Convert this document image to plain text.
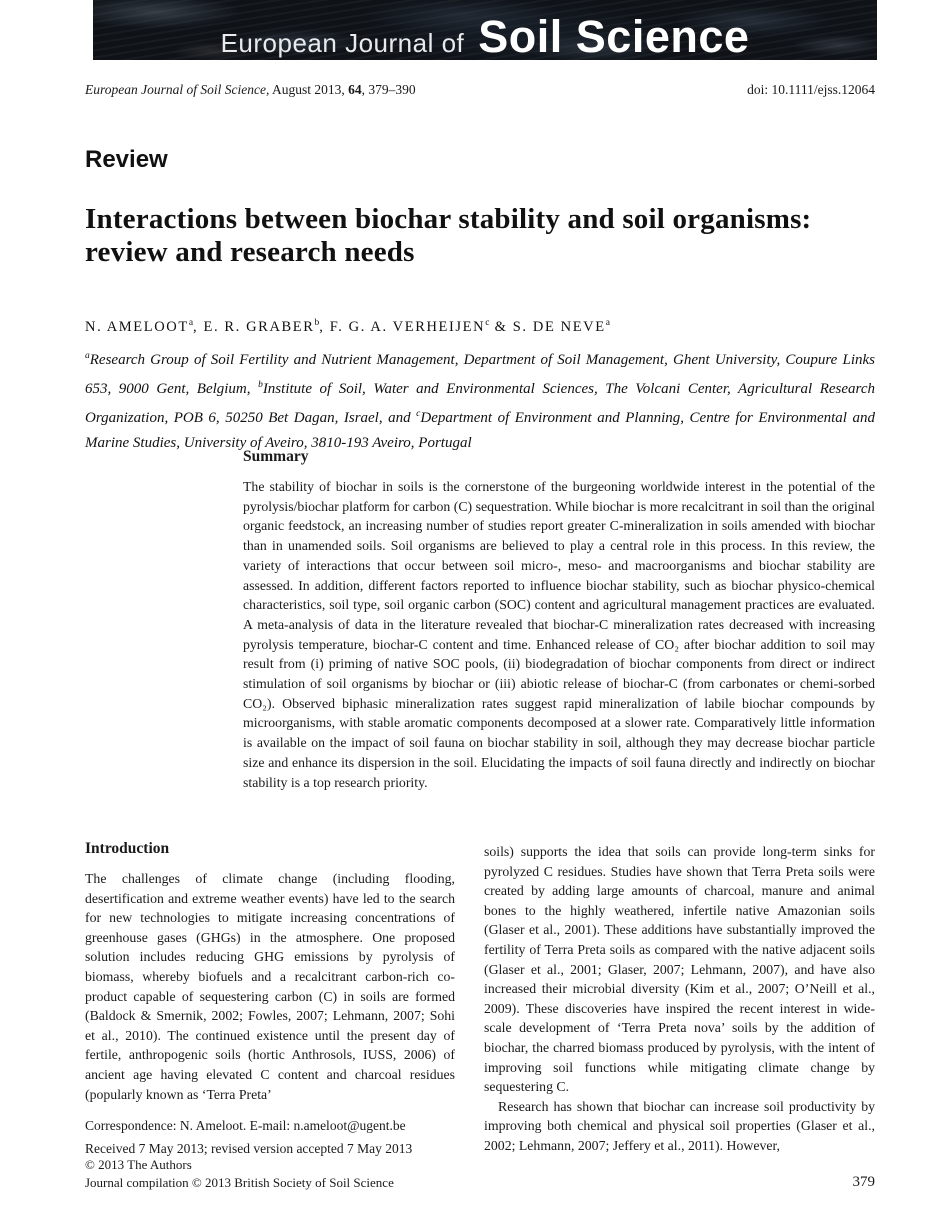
European Journal of Soil Science
European Journal of Soil Science, August 2013, 64, 379–390	doi: 10.1111/ejss.12064
Review
Interactions between biochar stability and soil organisms: review and research needs
N. AMELOOT$^a$, E. R. GRABER$^b$, F. G. A. VERHEIJEN$^c$ & S. DE NEVE$^a$
$^a$Research Group of Soil Fertility and Nutrient Management, Department of Soil Management, Ghent University, Coupure Links 653, 9000 Gent, Belgium, $^b$Institute of Soil, Water and Environmental Sciences, The Volcani Center, Agricultural Research Organization, POB 6, 50250 Bet Dagan, Israel, and $^c$Department of Environment and Planning, Centre for Environmental and Marine Studies, University of Aveiro, 3810-193 Aveiro, Portugal
Summary

The stability of biochar in soils is the cornerstone of the burgeoning worldwide interest in the potential of the pyrolysis/biochar platform for carbon (C) sequestration. While biochar is more recalcitrant in soil than the original organic feedstock, an increasing number of studies report greater C-mineralization in soils amended with biochar than in unamended soils. Soil organisms are believed to play a central role in this process. In this review, the variety of interactions that occur between soil micro-, meso- and macroorganisms and biochar stability are assessed. In addition, different factors reported to influence biochar stability, such as biochar physico-chemical characteristics, soil type, soil organic carbon (SOC) content and agricultural management practices are evaluated. A meta-analysis of data in the literature revealed that biochar-C mineralization rates decreased with increasing pyrolysis temperature, biochar-C content and time. Enhanced release of CO₂ after biochar addition to soil may result from (i) priming of native SOC pools, (ii) biodegradation of biochar components from direct or indirect stimulation of soil organisms by biochar or (iii) abiotic release of biochar-C (from carbonates or chemi-sorbed CO₂). Observed biphasic mineralization rates suggest rapid mineralization of labile biochar compounds by microorganisms, with stable aromatic components decomposed at a slower rate. Comparatively little information is available on the impact of soil fauna on biochar stability in soil, although they may decrease biochar particle size and enhance its dispersion in the soil. Elucidating the impacts of soil fauna directly and indirectly on biochar stability is a top research priority.

Introduction

The challenges of climate change (including flooding, desertification and extreme weather events) have led to the search for new technologies to mitigate increasing concentrations of greenhouse gases (GHGs) in the atmosphere. One proposed solution includes reducing GHG emissions by pyrolysis of biomass, whereby biofuels and a recalcitrant carbon-rich co-product capable of sequestering carbon (C) in soils are formed (Baldock & Smernik, 2002; Fowles, 2007; Lehmann, 2007; Sohi et al., 2010). The continued existence until the present day of fertile, anthropogenic soils (hortic Anthrosols, IUSS, 2006) of ancient age having elevated C content and charcoal residues (popularly known as ‘Terra Preta’

Correspondence: N. Ameloot. E-mail: n.ameloot@ugent.be
Received 7 May 2013; revised version accepted 7 May 2013

soils) supports the idea that soils can provide long-term sinks for pyrolyzed C residues. Studies have shown that Terra Preta soils were created by adding large amounts of charcoal, manure and animal bones to the highly weathered, infertile native Amazonian soils (Glaser et al., 2001). These additions have substantially improved the fertility of Terra Preta soils as compared with the native adjacent soils (Glaser et al., 2001; Glaser, 2007; Lehmann, 2007), and have also increased their microbial diversity (Kim et al., 2007; O’Neill et al., 2009). These discoveries have inspired the recent interest in wide-scale development of ‘Terra Preta nova’ soils by the addition of biochar, the charred biomass produced by pyrolysis, with the intent of improving soil functions while mitigating climate change by sequestering C.

Research has shown that biochar can increase soil productivity by improving both chemical and physical soil properties (Glaser et al., 2002; Lehmann, 2007; Jeffery et al., 2011). However,

© 2013 The Authors
Journal compilation © 2013 British Society of Soil Science	379
